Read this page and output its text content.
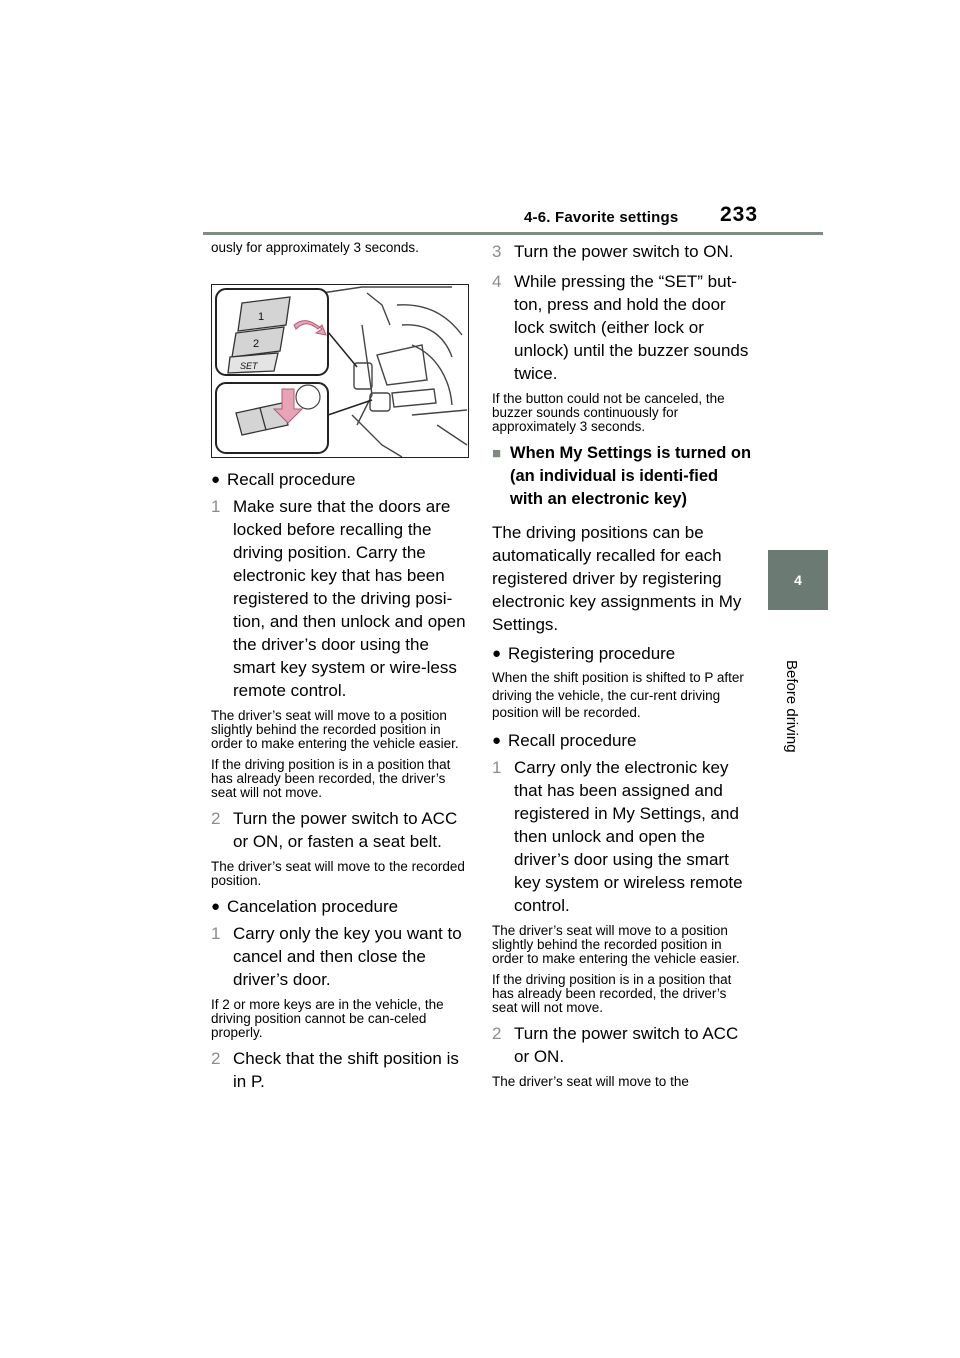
4-6. Favorite settings 233
4
Before driving

ously for approximately 3 seconds.

1
2
SET
● Recall procedure
1 Make sure that the doors are locked before recalling the driving position. Carry the electronic key that has been registered to the driving posi-tion, and then unlock and open the driver’s door using the smart key system or wire-less remote control.

The driver’s seat will move to a position slightly behind the recorded position in order to make entering the vehicle easier.

If the driving position is in a position that has already been recorded, the driver’s seat will not move.

2 Turn the power switch to ACC or ON, or fasten a seat belt.

The driver’s seat will move to the recorded position.

● Cancelation procedure
1 Carry only the key you want to cancel and then close the driver’s door.

If 2 or more keys are in the vehicle, the driving position cannot be can-celed properly.

2 Check that the shift position is in P.
3 Turn the power switch to ON.
4 While pressing the “SET” but-ton, press and hold the door lock switch (either lock or unlock) until the buzzer sounds twice.

If the button could not be canceled, the buzzer sounds continuously for approximately 3 seconds.

■ When My Settings is turned on (an individual is identi-fied with an electronic key)

The driving positions can be automatically recalled for each registered driver by registering electronic key assignments in My Settings.

● Registering procedure

When the shift position is shifted to P after driving the vehicle, the cur-rent driving position will be recorded.

● Recall procedure
1 Carry only the electronic key that has been assigned and registered in My Settings, and then unlock and open the driver’s door using the smart key system or wireless remote control.

The driver’s seat will move to a position slightly behind the recorded position in order to make entering the vehicle easier.

If the driving position is in a position that has already been recorded, the driver’s seat will not move.

2 Turn the power switch to ACC or ON.

The driver’s seat will move to the
